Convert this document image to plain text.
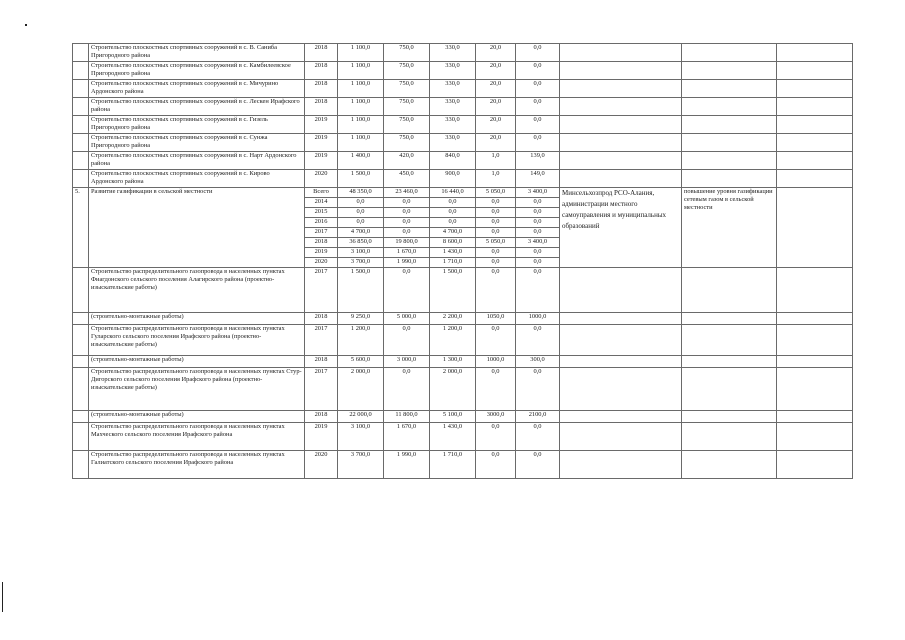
	Строительство плоскостных спортивных сооружений в с. В. Саниба Пригородного района	2018	1 100,0	750,0	330,0	20,0	0,0			
	Строительство плоскостных спортивных сооружений в с. Камбилеевское Пригородного района	2018	1 100,0	750,0	330,0	20,0	0,0			
	Строительство плоскостных спортивных сооружений в с. Мичурино Ардонского района	2018	1 100,0	750,0	330,0	20,0	0,0			
	Строительство плоскостных спортивных сооружений в с. Лескен Ирафского района	2018	1 100,0	750,0	330,0	20,0	0,0			
	Строительство плоскостных спортивных сооружений в с. Гизель Пригородного района	2019	1 100,0	750,0	330,0	20,0	0,0			
	Строительство плоскостных спортивных сооружений в с. Сунжа Пригородного района	2019	1 100,0	750,0	330,0	20,0	0,0			
	Строительство плоскостных спортивных сооружений в с. Нарт Ардонского района	2019	1 400,0	420,0	840,0	1,0	139,0			
	Строительство плоскостных спортивных сооружений в с. Кирово Ардонского района	2020	1 500,0	450,0	900,0	1,0	149,0			
5.	Развитие газификации в сельской местности	Всего	48 350,0	23 460,0	16 440,0	5 050,0	3 400,0	Минсельхозпрод РСО-Алания, администрации местного самоуправления и муниципальных образований	повышение уровня газификации сетевым газом в сельской местности	
		2014	0,0	0,0	0,0	0,0	0,0			
		2015	0,0	0,0	0,0	0,0	0,0			
		2016	0,0	0,0	0,0	0,0	0,0			
		2017	4 700,0	0,0	4 700,0	0,0	0,0			
		2018	36 850,0	19 800,0	8 600,0	5 050,0	3 400,0			
		2019	3 100,0	1 670,0	1 430,0	0,0	0,0			
		2020	3 700,0	1 990,0	1 710,0	0,0	0,0			
	Строительство распределительного газопровода в населенных пунктах Фиагдонского сельского поселения Алагирского района (проектно-изыскательские работы)	2017	1 500,0	0,0	1 500,0	0,0	0,0			
	(строительно-монтажные работы)	2018	9 250,0	5 000,0	2 200,0	1050,0	1000,0			
	Строительство распределительного газопровода в населенных пунктах Гуларского сельского поселения Ирафского района (проектно-изыскательские работы)	2017	1 200,0	0,0	1 200,0	0,0	0,0			
	(строительно-монтажные работы)	2018	5 600,0	3 000,0	1 300,0	1000,0	300,0			
	Строительство распределительного газопровода в населенных пунктах Стур-Дигорского сельского поселения Ирафского района (проектно-изыскательские работы)	2017	2 000,0	0,0	2 000,0	0,0	0,0			
	(строительно-монтажные работы)	2018	22 000,0	11 800,0	5 100,0	3000,0	2100,0			
	Строительство распределительного газопровода в населенных пунктах Махческого сельского поселения Ирафского района	2019	3 100,0	1 670,0	1 430,0	0,0	0,0			
	Строительство распределительного газопровода в населенных пунктах Галиатского сельского поселения Ирафского района	2020	3 700,0	1 990,0	1 710,0	0,0	0,0			
